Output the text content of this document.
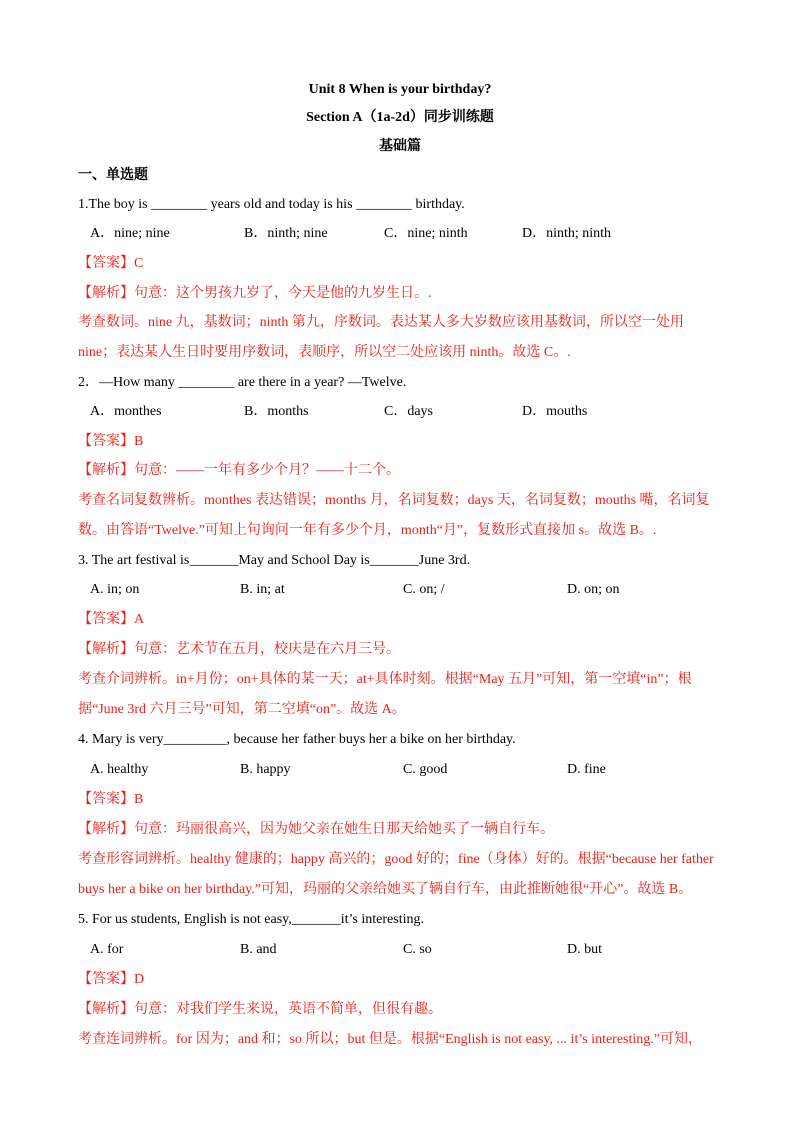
Unit 8 When is your birthday?
Section A（1a-2d）同步训练题
基础篇
一、单选题
1.The boy is ________ years old and today is his ________ birthday.
A．nine; nine	B．ninth; nine	C．nine; ninth	D．ninth; ninth
【答案】C
【解析】句意：这个男孩九岁了，今天是他的九岁生日。.
考查数词。nine 九，基数词；ninth 第九，序数词。表达某人多大岁数应该用基数词，所以空一处用
nine；表达某人生日时要用序数词，表顺序，所以空二处应该用 ninth。故选 C。.
2．—How many ________ are there in a year? —Twelve.
A．monthes	B．months	C．days	D．mouths
【答案】B
【解析】句意：——一年有多少个月？——十二个。
考查名词复数辨析。monthes 表达错误；months 月，名词复数；days 天，名词复数；mouths 嘴，名词复
数。由答语“Twelve.”可知上句询问一年有多少个月，month“月”，复数形式直接加 s。故选 B。.
3. The art festival is_______May and School Day is_______June 3rd.
A. in; on	B. in; at	C. on; /	D. on; on
【答案】A
【解析】句意：艺术节在五月，校庆是在六月三号。
考查介词辨析。in+月份；on+具体的某一天；at+具体时刻。根据“May 五月”可知，第一空填“in”；根
据“June 3rd 六月三号”可知，第二空填“on”。故选 A。
4. Mary is very_________, because her father buys her a bike on her birthday.
A. healthy	B. happy	C. good	D. fine
【答案】B
【解析】句意：玛丽很高兴，因为她父亲在她生日那天给她买了一辆自行车。
考查形容词辨析。healthy 健康的；happy 高兴的；good 好的；fine（身体）好的。根据“because her father
buys her a bike on her birthday.”可知，玛丽的父亲给她买了辆自行车，由此推断她很“开心”。故选 B。
5. For us students, English is not easy,_______it’s interesting.
A. for	B. and	C. so	D. but
【答案】D
【解析】句意：对我们学生来说，英语不简单，但很有趣。
考查连词辨析。for 因为；and 和；so 所以；but 但是。根据“English is not easy, ... it’s interesting.”可知，
